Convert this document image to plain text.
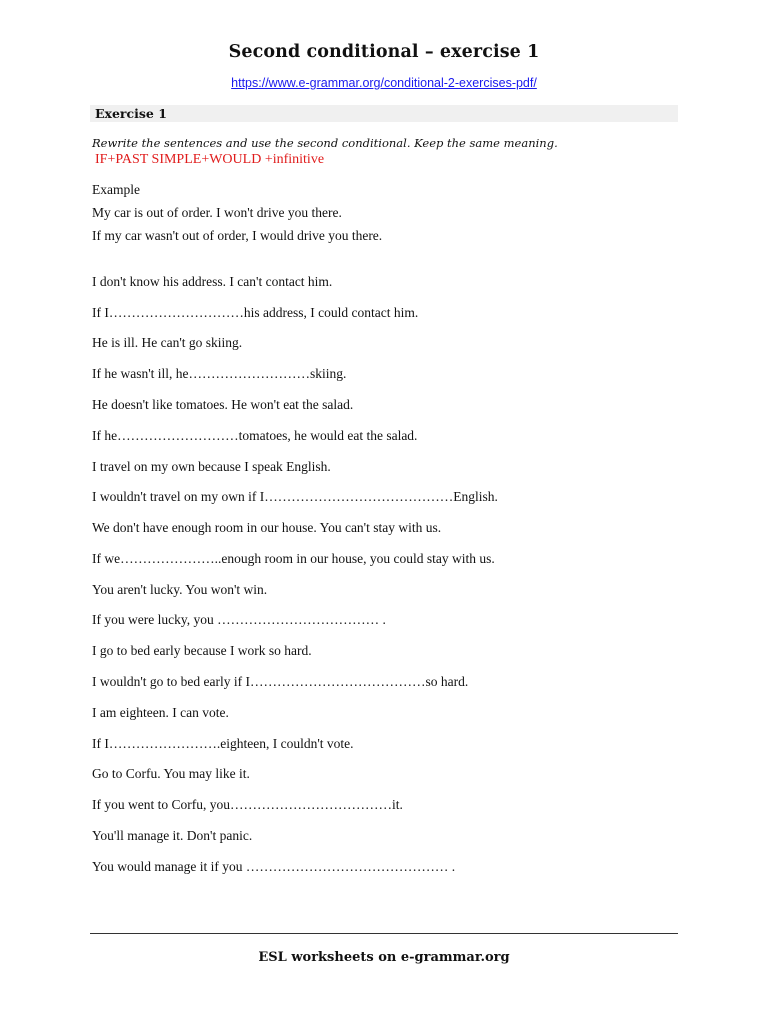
Second conditional – exercise 1
https://www.e-grammar.org/conditional-2-exercises-pdf/
Exercise 1
Rewrite the sentences and use the second conditional. Keep the same meaning.
IF+PAST SIMPLE+WOULD +infinitive
Example
My car is out of order. I won't drive you there.
If my car wasn't out of order, I would drive you there.
I don't know his address. I can't contact him.
If I…………………………his address, I could contact him.
He is ill. He can't go skiing.
If he wasn't ill, he………………………skiing.
He doesn't like tomatoes. He won't eat the salad.
If he………………………tomatoes, he would eat the salad.
I travel on my own because I speak English.
I wouldn't travel on my own if I……………………………………English.
We don't have enough room in our house. You can't stay with us.
If we…………………..enough room in our house, you could stay with us.
You aren't lucky. You won't win.
If you were lucky, you ……………………………… .
I go to bed early because I work so hard.
I wouldn't go to bed early if I…………………………………so hard.
I am eighteen. I can vote.
If I…………………….eighteen, I couldn't vote.
Go to Corfu. You may like it.
If you went to Corfu, you………………………………it.
You'll manage it. Don't panic.
You would manage it if you ……………………………………… .
ESL worksheets on e-grammar.org
